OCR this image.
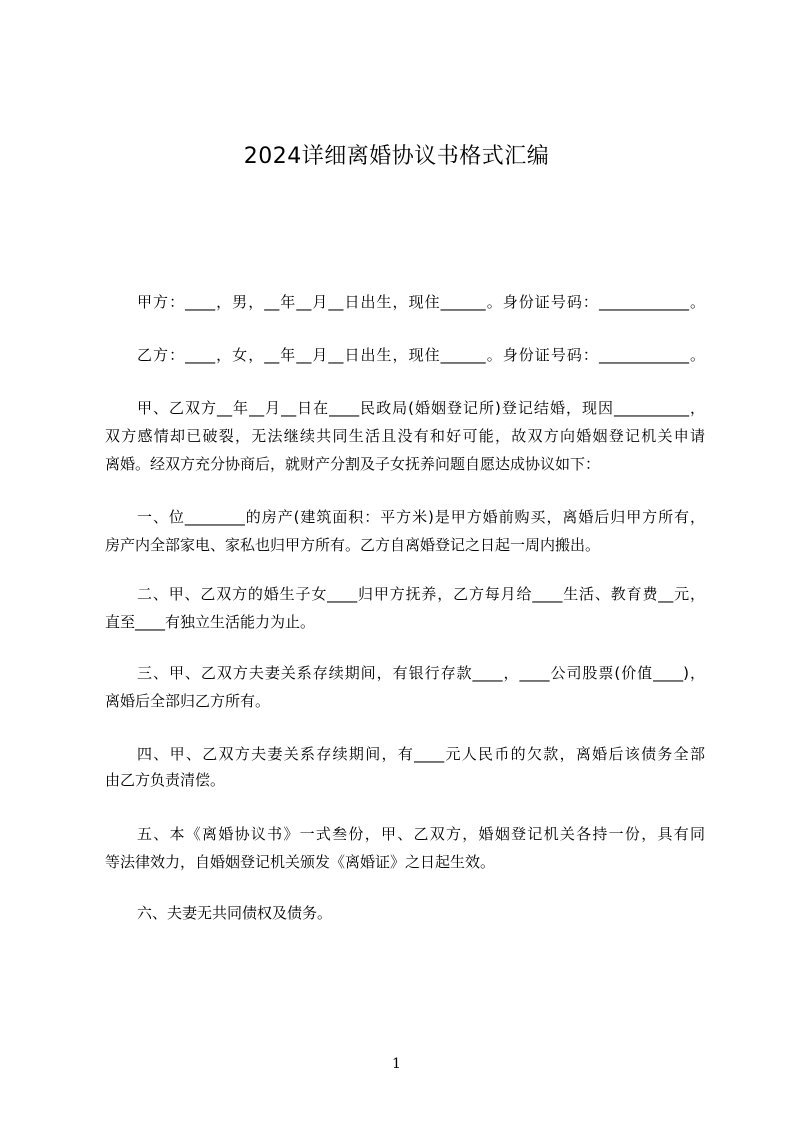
2024详细离婚协议书格式汇编
甲方：____，男，__年__月__日出生，现住______。身份证号码：____________。
乙方：____，女，__年__月__日出生，现住______。身份证号码：____________。
甲、乙双方__年__月__日在____民政局(婚姻登记所)登记结婚，现因__________，
双方感情却已破裂，无法继续共同生活且没有和好可能，故双方向婚姻登记机关申请
离婚。经双方充分协商后，就财产分割及子女抚养问题自愿达成协议如下：
一、位________的房产(建筑面积：平方米)是甲方婚前购买，离婚后归甲方所有，
房产内全部家电、家私也归甲方所有。乙方自离婚登记之日起一周内搬出。
二、甲、乙双方的婚生子女____归甲方抚养，乙方每月给____生活、教育费__元，
直至____有独立生活能力为止。
三、甲、乙双方夫妻关系存续期间，有银行存款____，____公司股票(价值____)，
离婚后全部归乙方所有。
四、甲、乙双方夫妻关系存续期间，有____元人民币的欠款，离婚后该债务全部
由乙方负责清偿。
五、本《离婚协议书》一式叁份，甲、乙双方，婚姻登记机关各持一份，具有同
等法律效力，自婚姻登记机关颁发《离婚证》之日起生效。
六、夫妻无共同债权及债务。
1
